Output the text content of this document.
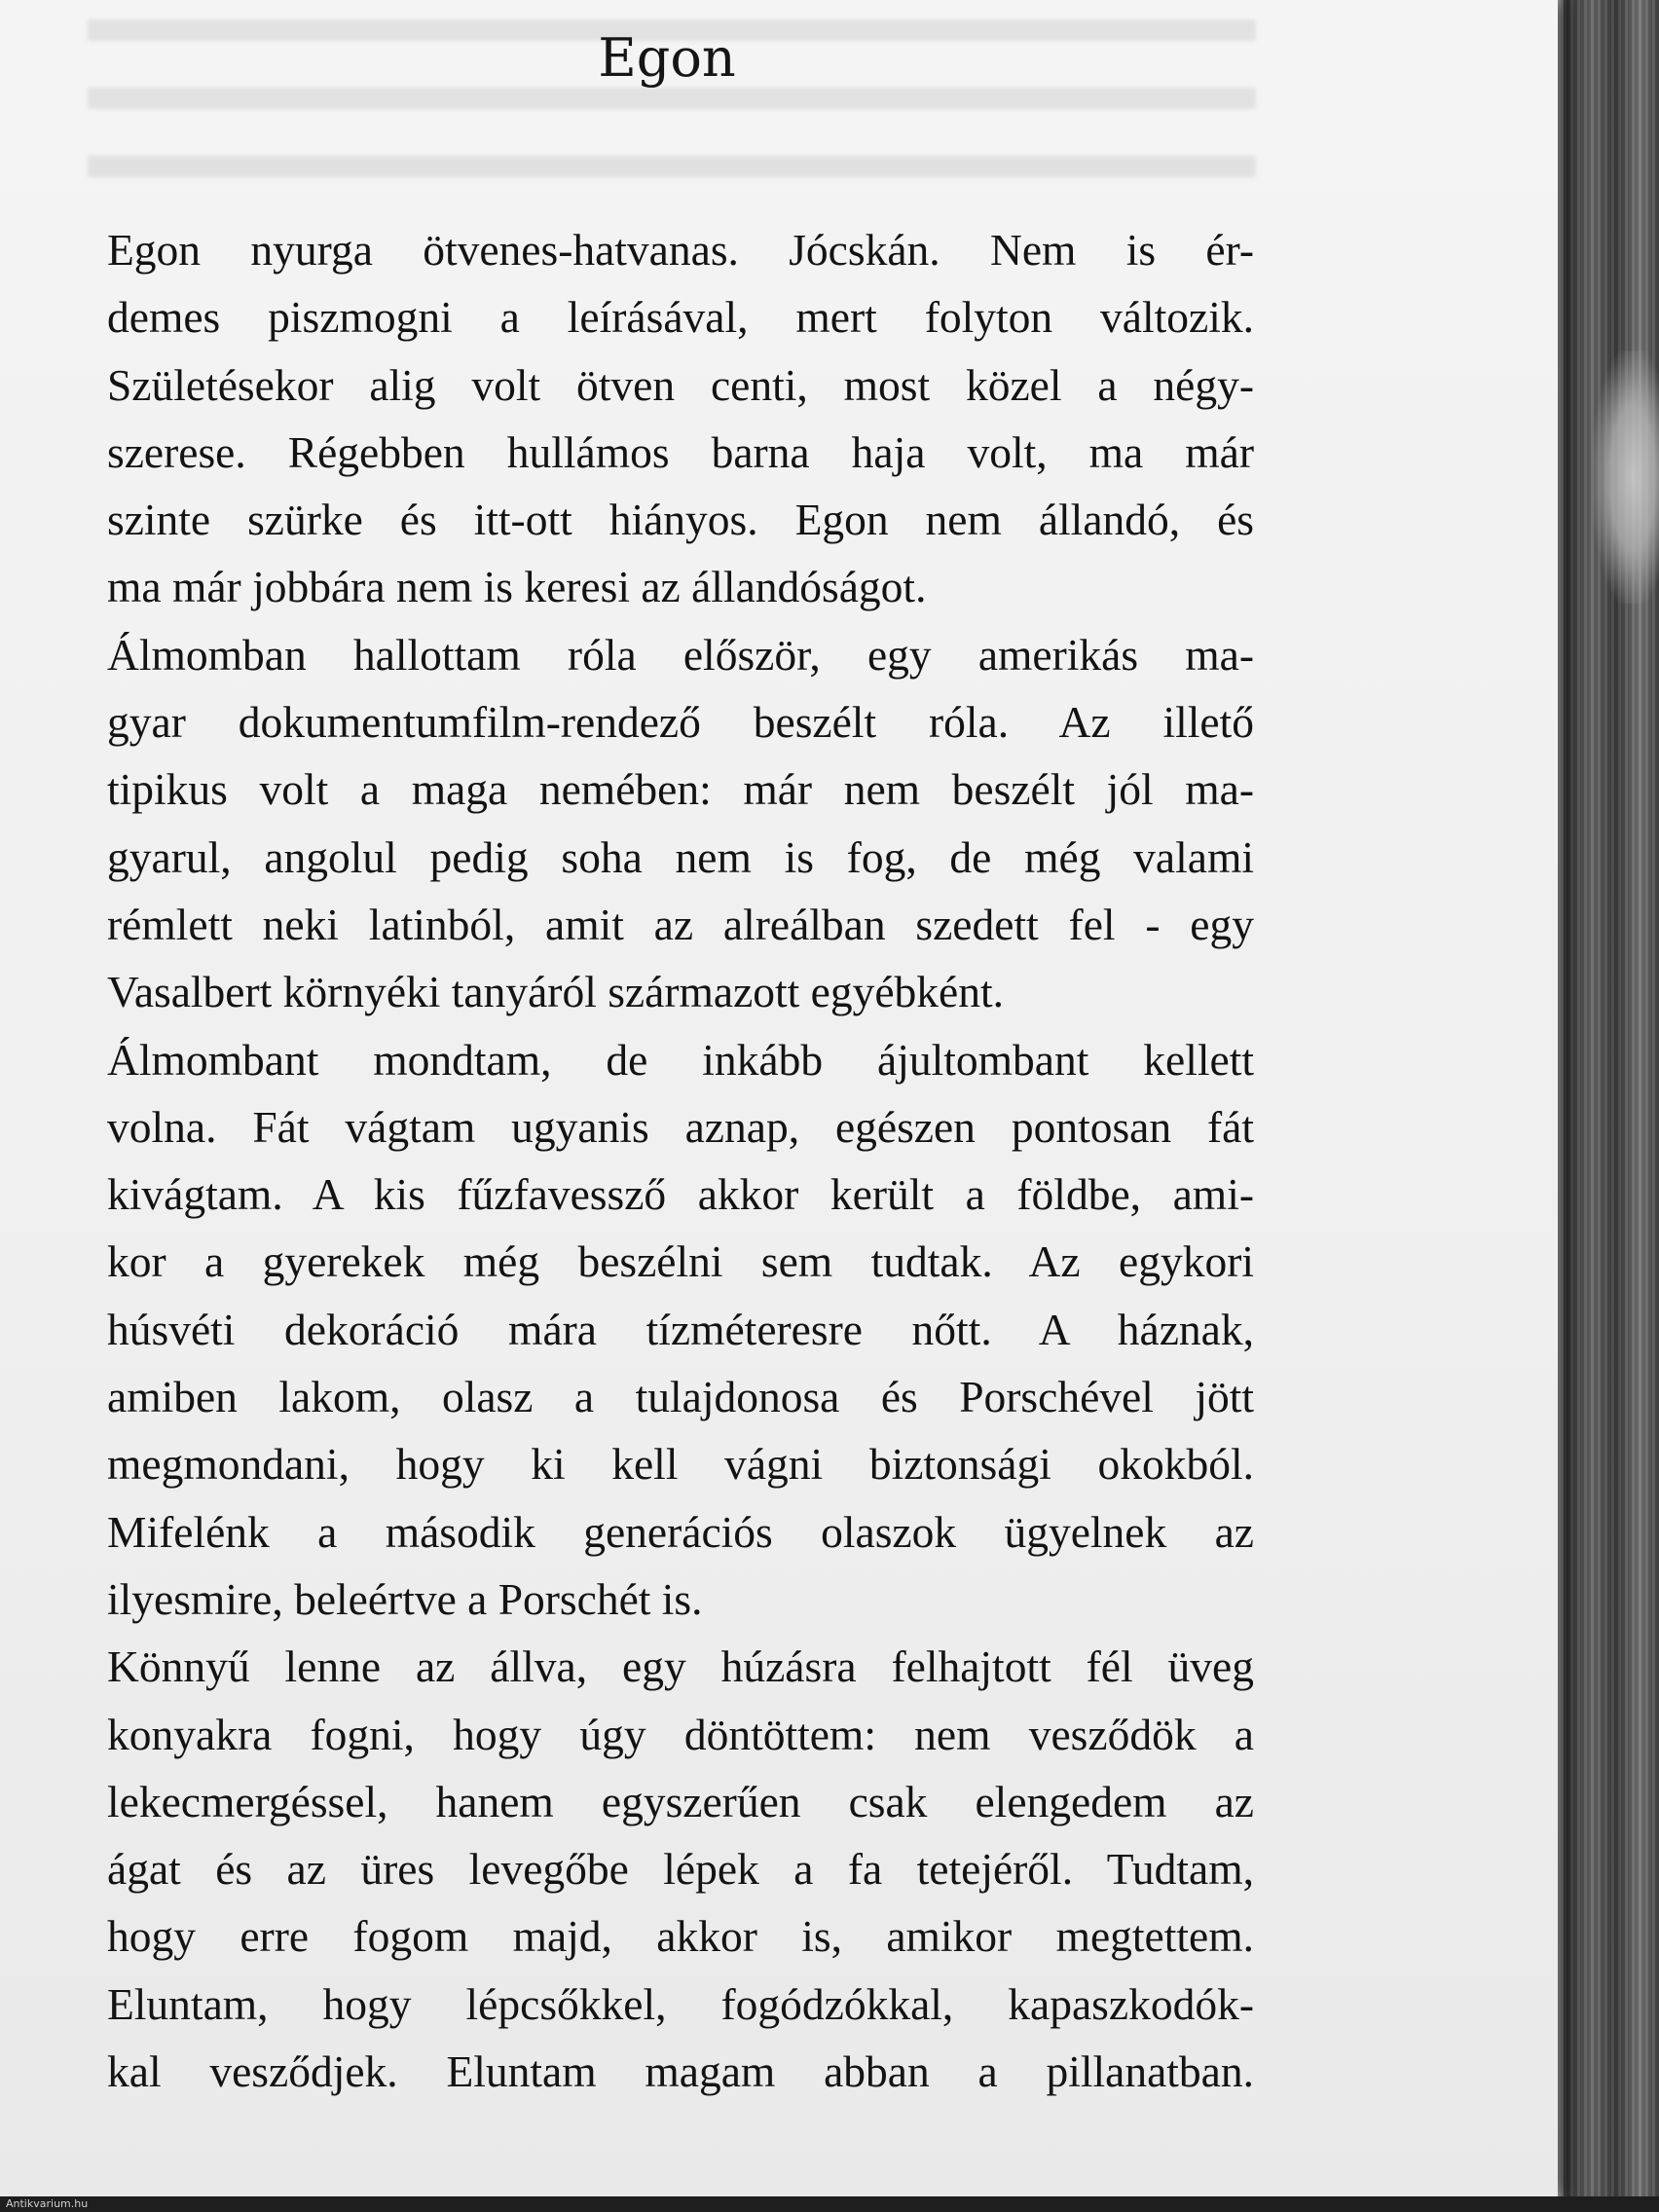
Egon
Egon nyurga ötvenes-hatvanas. Jócskán. Nem is ér-
demes piszmogni a leírásával, mert folyton változik.
Születésekor alig volt ötven centi, most közel a négy-
szerese. Régebben hullámos barna haja volt, ma már
szinte szürke és itt-ott hiányos. Egon nem állandó, és
ma már jobbára nem is keresi az állandóságot.
Álmomban hallottam róla először, egy amerikás ma-
gyar dokumentumfilm-rendező beszélt róla. Az illető
tipikus volt a maga nemében: már nem beszélt jól ma-
gyarul, angolul pedig soha nem is fog, de még valami
rémlett neki latinból, amit az alreálban szedett fel - egy
Vasalbert környéki tanyáról származott egyébként.
Álmombant mondtam, de inkább ájultombant kellett
volna. Fát vágtam ugyanis aznap, egészen pontosan fát
kivágtam. A kis fűzfavessző akkor került a földbe, ami-
kor a gyerekek még beszélni sem tudtak. Az egykori
húsvéti dekoráció mára tízméteresre nőtt. A háznak,
amiben lakom, olasz a tulajdonosa és Porschével jött
megmondani, hogy ki kell vágni biztonsági okokból.
Mifelénk a második generációs olaszok ügyelnek az
ilyesmire, beleértve a Porschét is.
Könnyű lenne az állva, egy húzásra felhajtott fél üveg
konyakra fogni, hogy úgy döntöttem: nem vesződök a
lekecmergéssel, hanem egyszerűen csak elengedem az
ágat és az üres levegőbe lépek a fa tetejéről. Tudtam,
hogy erre fogom majd, akkor is, amikor megtettem.
Eluntam, hogy lépcsőkkel, fogódzókkal, kapaszkodók-
kal vesződjek. Eluntam magam abban a pillanatban.
Antikvarium.hu
